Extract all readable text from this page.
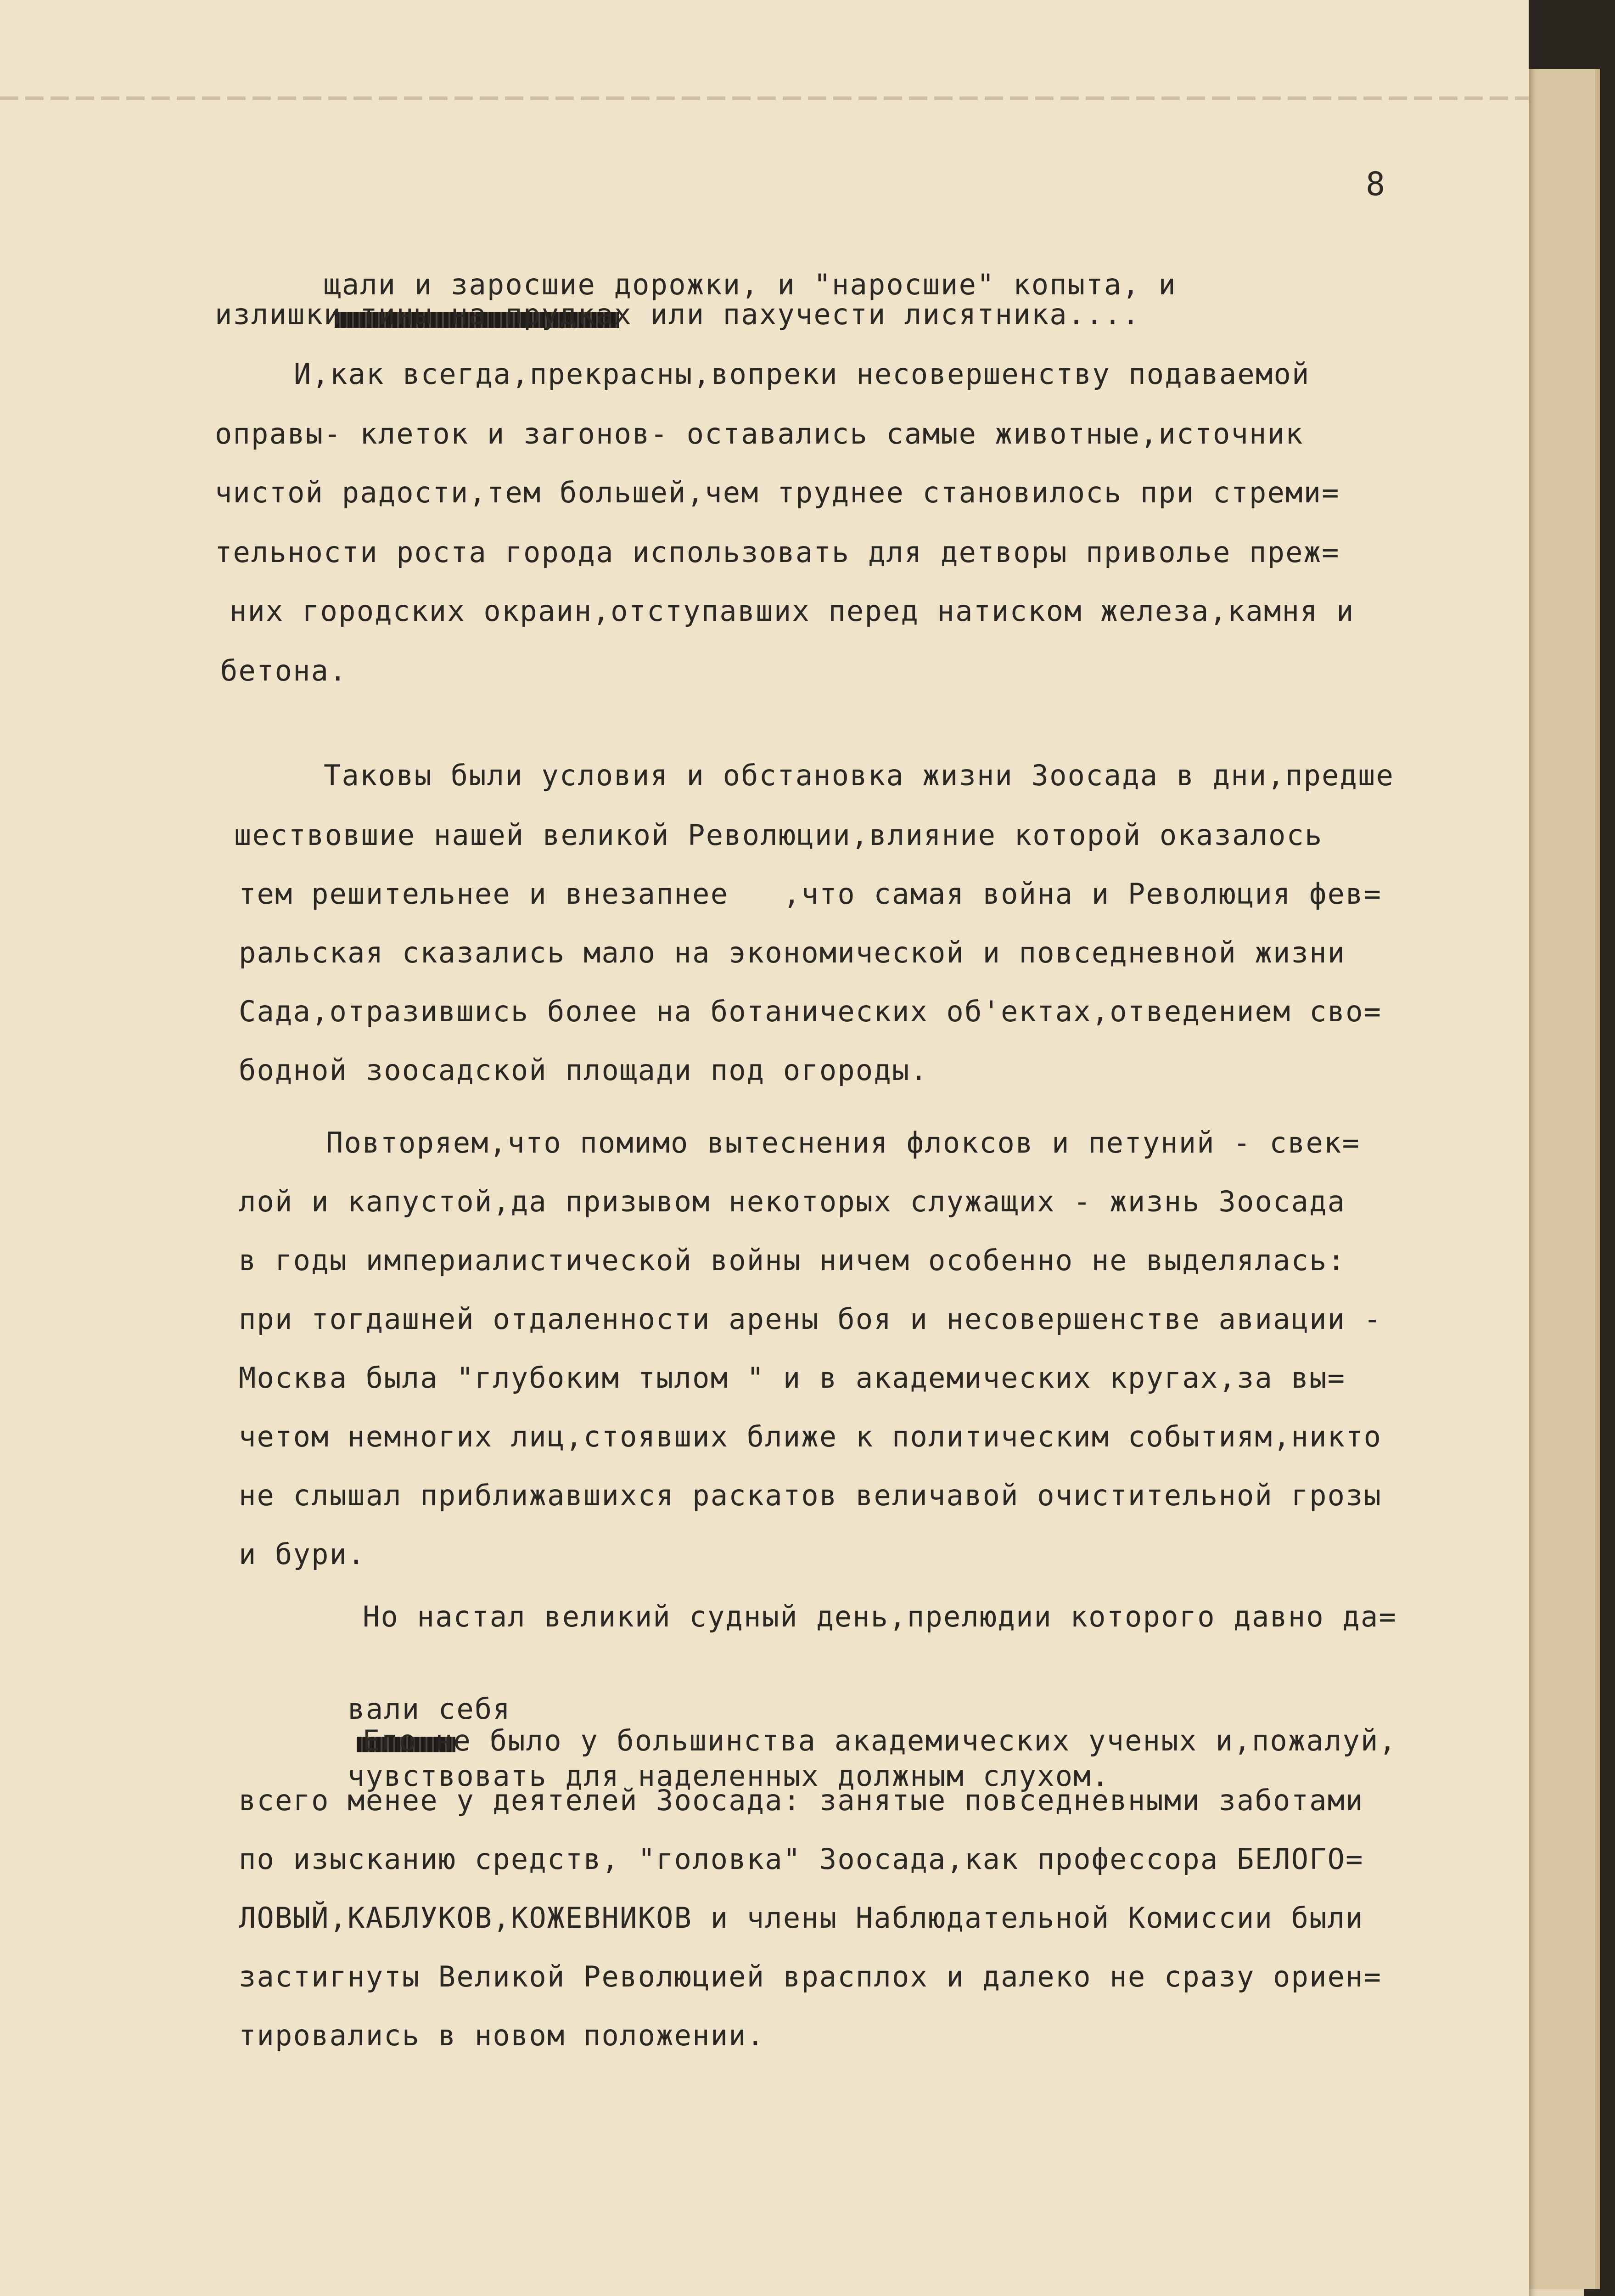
8

щали и заросшие дорожки, и "наросшие" копыта, и

излишки тины на прудках или пахучести лисятника....
И,как всегда,прекрасны,вопреки несовершенству подаваемой
оправы- клеток и загонов- оставались самые животные,источник
чистой радости,тем большей,чем труднее становилось при стреми=
тельности роста города использовать для детворы приволье преж=
них городских окраин,отступавших перед натиском железа,камня и
бетона.
Таковы были условия и обстановка жизни Зоосада в дни,предше
шествовшие нашей великой Революции,влияние которой оказалось
тем решительнее и внезапнее   ,что самая война и Революция фев=
ральская сказались мало на экономической и повседневной жизни
Сада,отразившись более на ботанических об'ектах,отведением сво=
бодной зоосадской площади под огороды.
Повторяем,что помимо вытеснения флоксов и петуний - свек=
лой и капустой,да призывом некоторых служащих - жизнь Зоосада
в годы империалистической войны ничем особенно не выделялась:
при тогдашней отдаленности арены боя и несовершенстве авиации -
Москва была "глубоким тылом " и в академических кругах,за вы=
четом немногих лиц,стоявших ближе к политическим событиям,никто
не слышал приближавшихся раскатов величавой очистительной грозы
и бури.
Но настал великий судный день,прелюдии которого давно да=

вали себя

чувствовать для наделенных должным слухом.

Его не было у большинства академических ученых и,пожалуй,
всего менее у деятелей Зоосада: занятые повседневными заботами
по изысканию средств, "головка" Зоосада,как профессора БЕЛОГО=
ЛОВЫЙ,КАБЛУКОВ,КОЖЕВНИКОВ и члены Наблюдательной Комиссии были
застигнуты Великой Революцией врасплох и далеко не сразу ориен=
тировались в новом положении.
